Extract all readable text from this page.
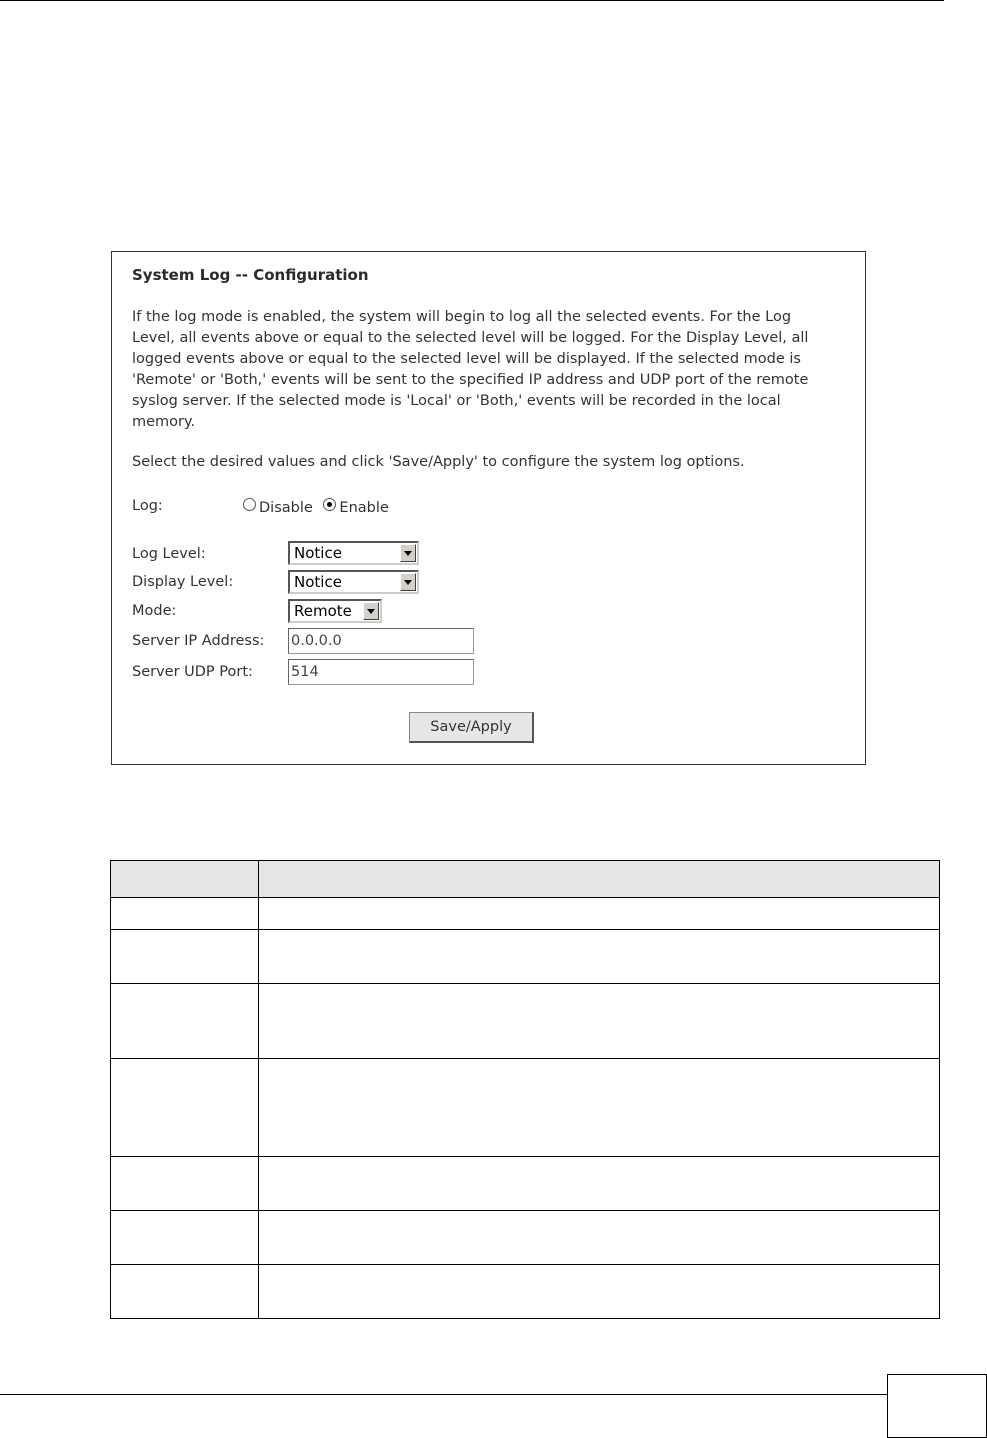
System Log -- Configuration
If the log mode is enabled, the system will begin to log all the selected events. For the Log Level, all events above or equal to the selected level will be logged. For the Display Level, all logged events above or equal to the selected level will be displayed. If the selected mode is 'Remote' or 'Both,' events will be sent to the specified IP address and UDP port of the remote syslog server. If the selected mode is 'Local' or 'Both,' events will be recorded in the local memory.
Select the desired values and click 'Save/Apply' to configure the system log options.
Log:	Disable Enable
Log Level:	Notice
Display Level:	Notice
Mode:	Remote
Server IP Address: 0.0.0.0
Server UDP Port:	514
Save/Apply
